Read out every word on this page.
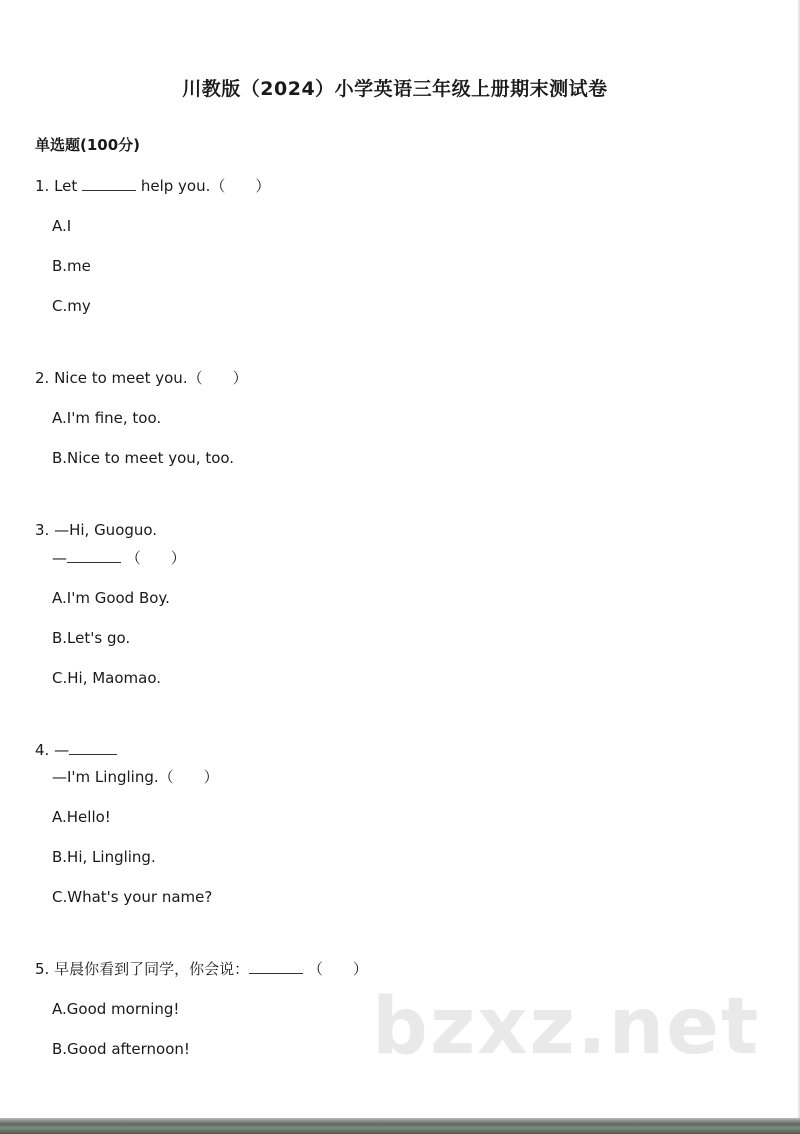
川教版（2024）小学英语三年级上册期末测试卷
单选题(100分)
1. Let	help you.（　　）
A.I
B.me
C.my
2. Nice to meet you.（　　）
A.I'm fine, too.
B.Nice to meet you, too.
3. —Hi, Guoguo.
—	（　　）
A.I'm Good Boy.
B.Let's go.
C.Hi, Maomao.
4. —
—I'm Lingling.（　　）
A.Hello!
B.Hi, Lingling.
C.What's your name?
5. 早晨你看到了同学，你会说：	（　　）
A.Good morning!
B.Good afternoon! bzxz.net
